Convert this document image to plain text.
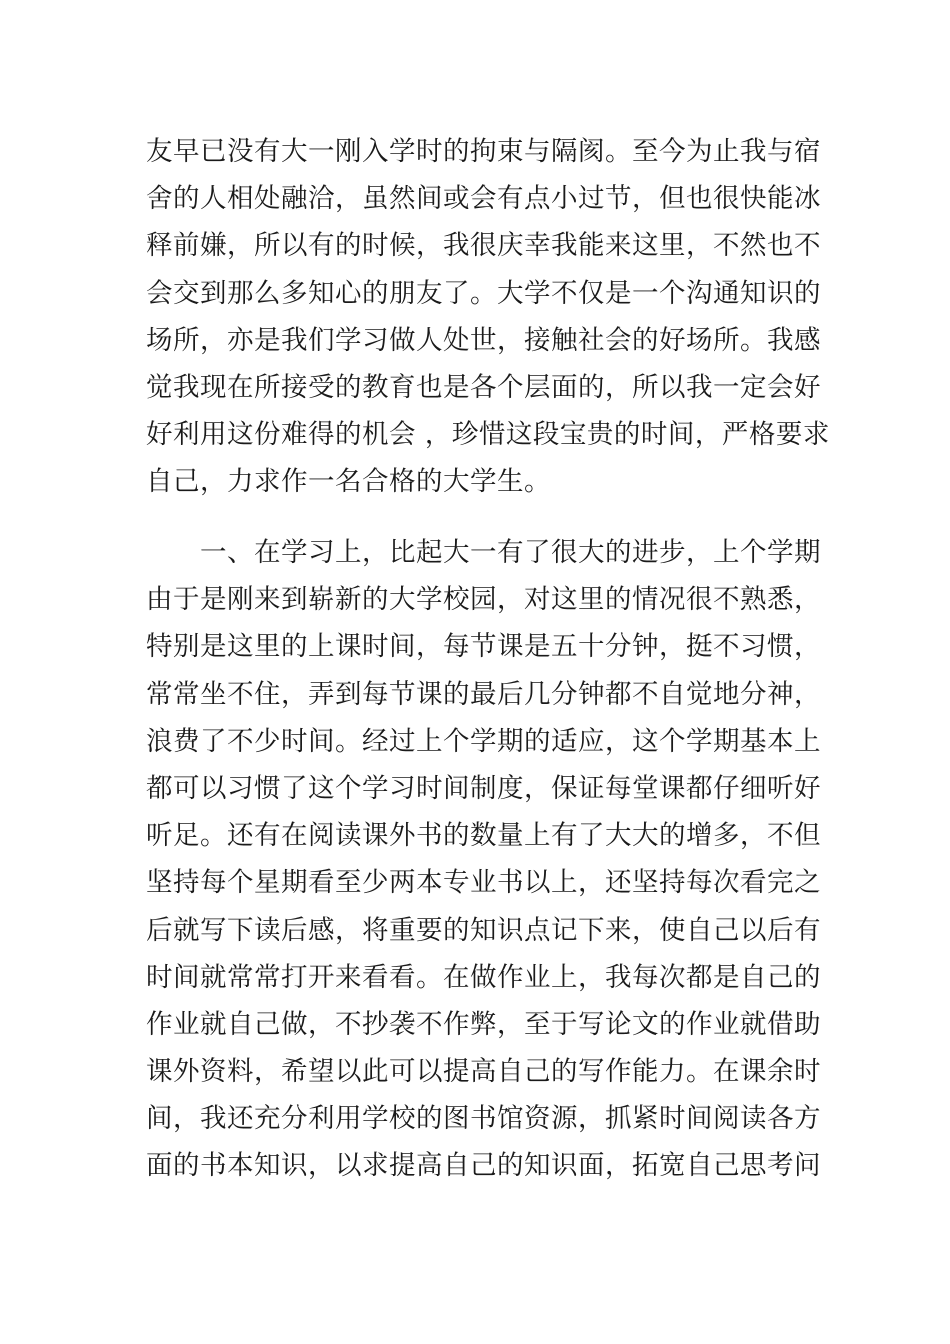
友早已没有大一刚入学时的拘束与隔阂。至今为止我与宿
舍的人相处融洽，虽然间或会有点小过节，但也很快能冰
释前嫌，所以有的时候，我很庆幸我能来这里，不然也不
会交到那么多知心的朋友了。大学不仅是一个沟通知识的
场所，亦是我们学习做人处世，接触社会的好场所。我感
觉我现在所接受的教育也是各个层面的，所以我一定会好
好利用这份难得的机会 ，珍惜这段宝贵的时间，严格要求
自己，力求作一名合格的大学生。
　　一、在学习上，比起大一有了很大的进步，上个学期
由于是刚来到崭新的大学校园，对这里的情况很不熟悉，
特别是这里的上课时间，每节课是五十分钟，挺不习惯，
常常坐不住，弄到每节课的最后几分钟都不自觉地分神，
浪费了不少时间。经过上个学期的适应，这个学期基本上
都可以习惯了这个学习时间制度，保证每堂课都仔细听好
听足。还有在阅读课外书的数量上有了大大的增多，不但
坚持每个星期看至少两本专业书以上，还坚持每次看完之
后就写下读后感，将重要的知识点记下来，使自己以后有
时间就常常打开来看看。在做作业上，我每次都是自己的
作业就自己做，不抄袭不作弊，至于写论文的作业就借助
课外资料，希望以此可以提高自己的写作能力。在课余时
间，我还充分利用学校的图书馆资源，抓紧时间阅读各方
面的书本知识，以求提高自己的知识面，拓宽自己思考问
